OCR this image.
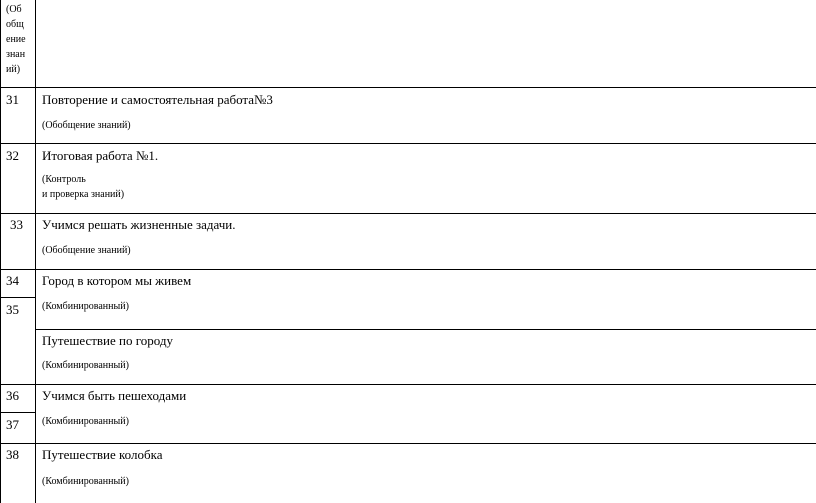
(Об
общ
ение
знан
ий)
31 Повторение и самостоятельная работа№3
(Обобщение знаний)
32 Итоговая работа №1.
(Контроль
и проверка знаний)
33 Учимся решать жизненные задачи.
(Обобщение знаний)
34 Город в котором мы живем
35 (Комбинированный)
Путешествие по городу
(Комбинированный)
36 Учимся быть пешеходами
37 (Комбинированный)
38 Путешествие колобка
(Комбинированный)
